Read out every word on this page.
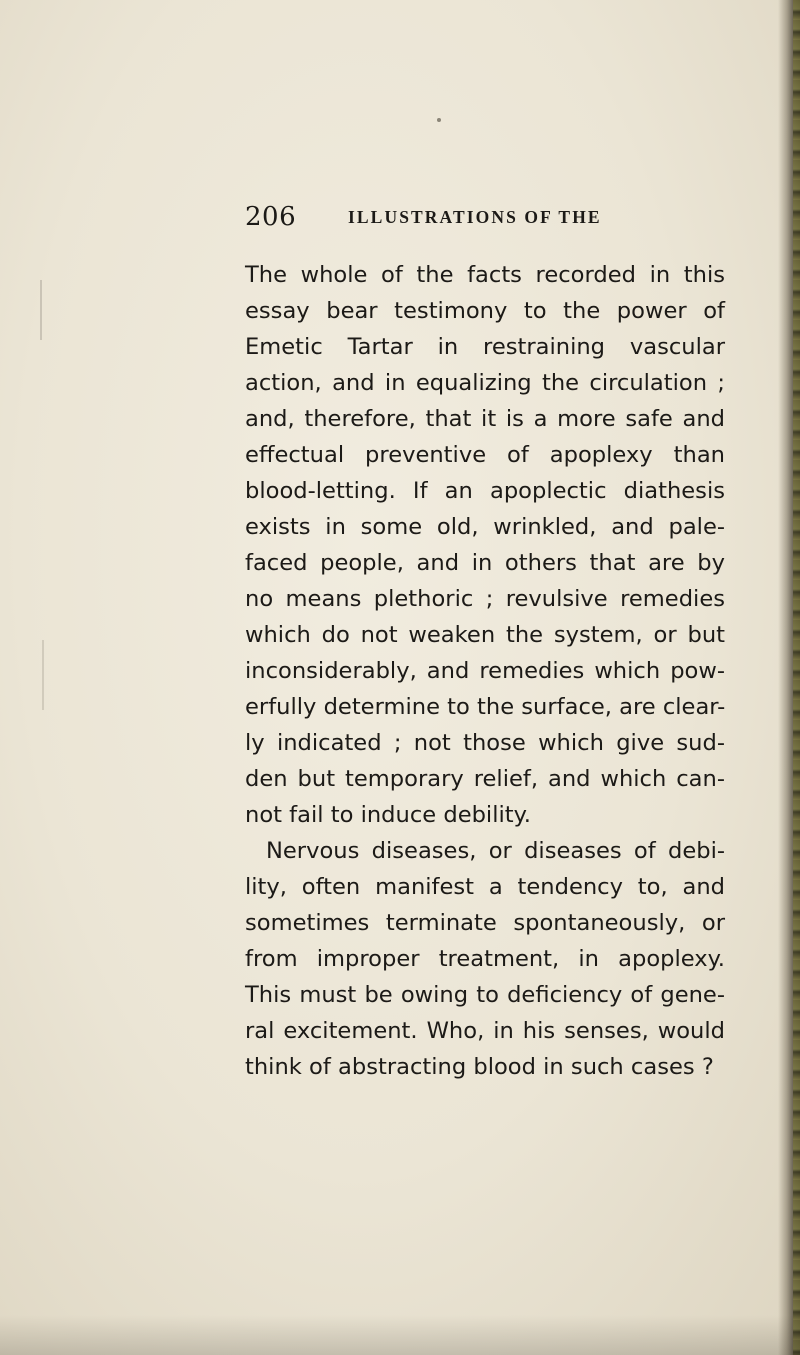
206	ILLUSTRATIONS OF THE
The whole of the facts recorded in this
essay bear testimony to the power of
Emetic Tartar in restraining vascular
action, and in equalizing the circulation ;
and, therefore, that it is a more safe and
effectual preventive of apoplexy than
blood-letting. If an apoplectic diathesis
exists in some old, wrinkled, and pale-
faced people, and in others that are by
no means plethoric ; revulsive remedies
which do not weaken the system, or but
inconsiderably, and remedies which pow-
erfully determine to the surface, are clear-
ly indicated ; not those which give sud-
den but temporary relief, and which can-
not fail to induce debility.
Nervous diseases, or diseases of debi-
lity, often manifest a tendency to, and
sometimes terminate spontaneously, or
from improper treatment, in apoplexy.
This must be owing to deficiency of gene-
ral excitement. Who, in his senses, would
think of abstracting blood in such cases ?
